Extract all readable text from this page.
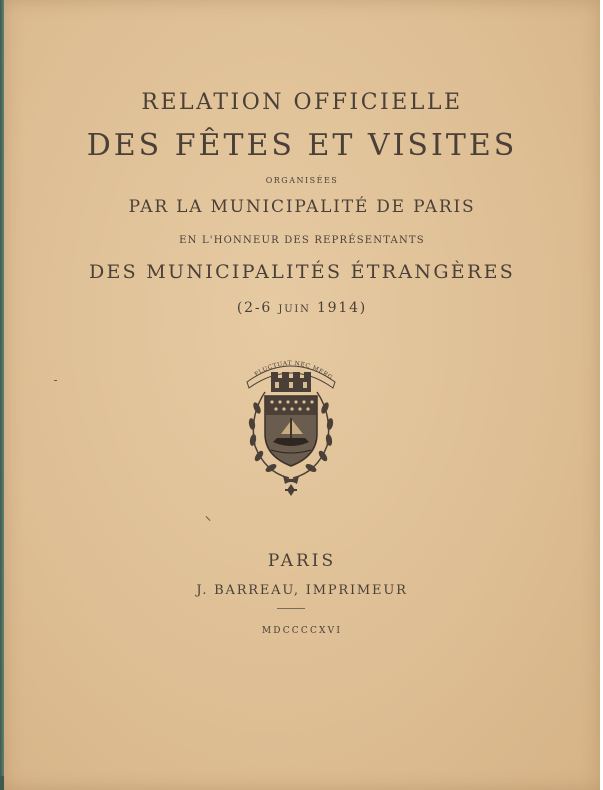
RELATION OFFICIELLE
DES FÊTES ET VISITES
ORGANISÉES
PAR LA MUNICIPALITÉ DE PARIS
EN L'HONNEUR DES REPRÉSENTANTS
DES MUNICIPALITÉS ÉTRANGÈRES
(2-6 juin 1914)
FLUCTUAT NEC MERG
PARIS
J. BARREAU, IMPRIMEUR
MDCCCCXVI
